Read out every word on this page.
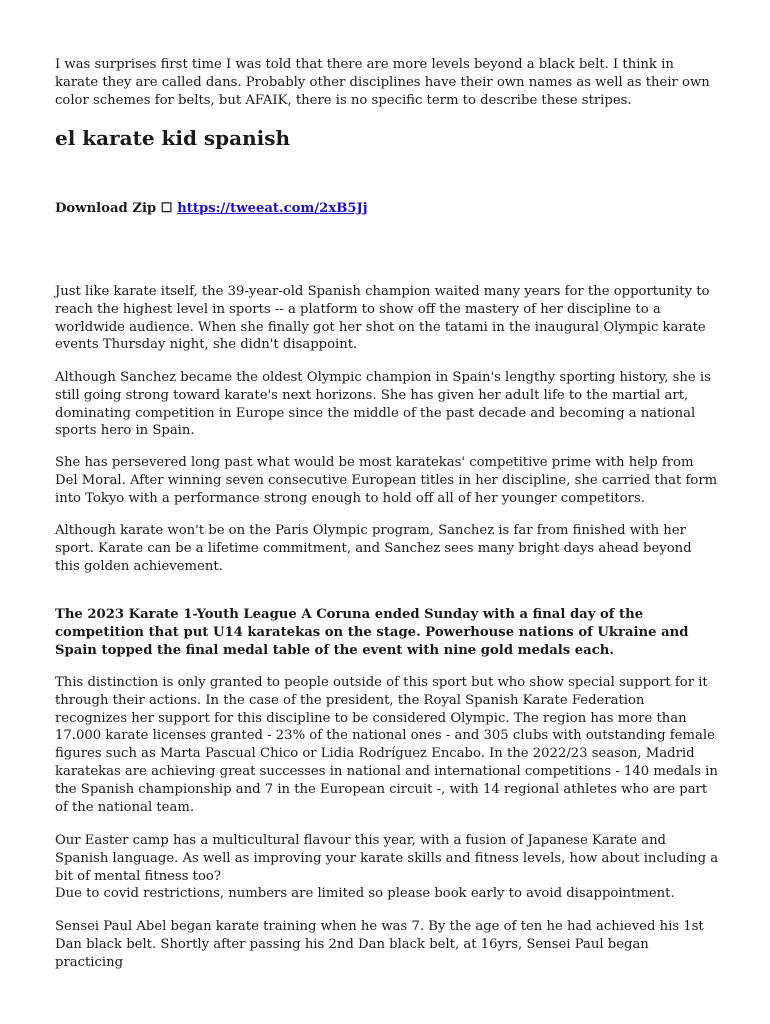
I was surprises first time I was told that there are more levels beyond a black belt. I think in karate they are called dans. Probably other disciplines have their own names as well as their own color schemes for belts, but AFAIK, there is no specific term to describe these stripes.

el karate kid spanish

Download Zip ☐ https://tweeat.com/2xB5Jj

Just like karate itself, the 39-year-old Spanish champion waited many years for the opportunity to reach the highest level in sports -- a platform to show off the mastery of her discipline to a worldwide audience. When she finally got her shot on the tatami in the inaugural Olympic karate events Thursday night, she didn't disappoint.

Although Sanchez became the oldest Olympic champion in Spain's lengthy sporting history, she is still going strong toward karate's next horizons. She has given her adult life to the martial art, dominating competition in Europe since the middle of the past decade and becoming a national sports hero in Spain.

She has persevered long past what would be most karatekas' competitive prime with help from Del Moral. After winning seven consecutive European titles in her discipline, she carried that form into Tokyo with a performance strong enough to hold off all of her younger competitors.

Although karate won't be on the Paris Olympic program, Sanchez is far from finished with her sport. Karate can be a lifetime commitment, and Sanchez sees many bright days ahead beyond this golden achievement.

The 2023 Karate 1-Youth League A Coruna ended Sunday with a final day of the competition that put U14 karatekas on the stage. Powerhouse nations of Ukraine and Spain topped the final medal table of the event with nine gold medals each.

This distinction is only granted to people outside of this sport but who show special support for it through their actions. In the case of the president, the Royal Spanish Karate Federation recognizes her support for this discipline to be considered Olympic. The region has more than 17.000 karate licenses granted - 23% of the national ones - and 305 clubs with outstanding female figures such as Marta Pascual Chico or Lidia Rodríguez Encabo. In the 2022/23 season, Madrid karatekas are achieving great successes in national and international competitions - 140 medals in the Spanish championship and 7 in the European circuit -, with 14 regional athletes who are part of the national team.

Our Easter camp has a multicultural flavour this year, with a fusion of Japanese Karate and Spanish language. As well as improving your karate skills and fitness levels, how about including a bit of mental fitness too?
Due to covid restrictions, numbers are limited so please book early to avoid disappointment.

Sensei Paul Abel began karate training when he was 7. By the age of ten he had achieved his 1st Dan black belt. Shortly after passing his 2nd Dan black belt, at 16yrs, Sensei Paul began practicing
